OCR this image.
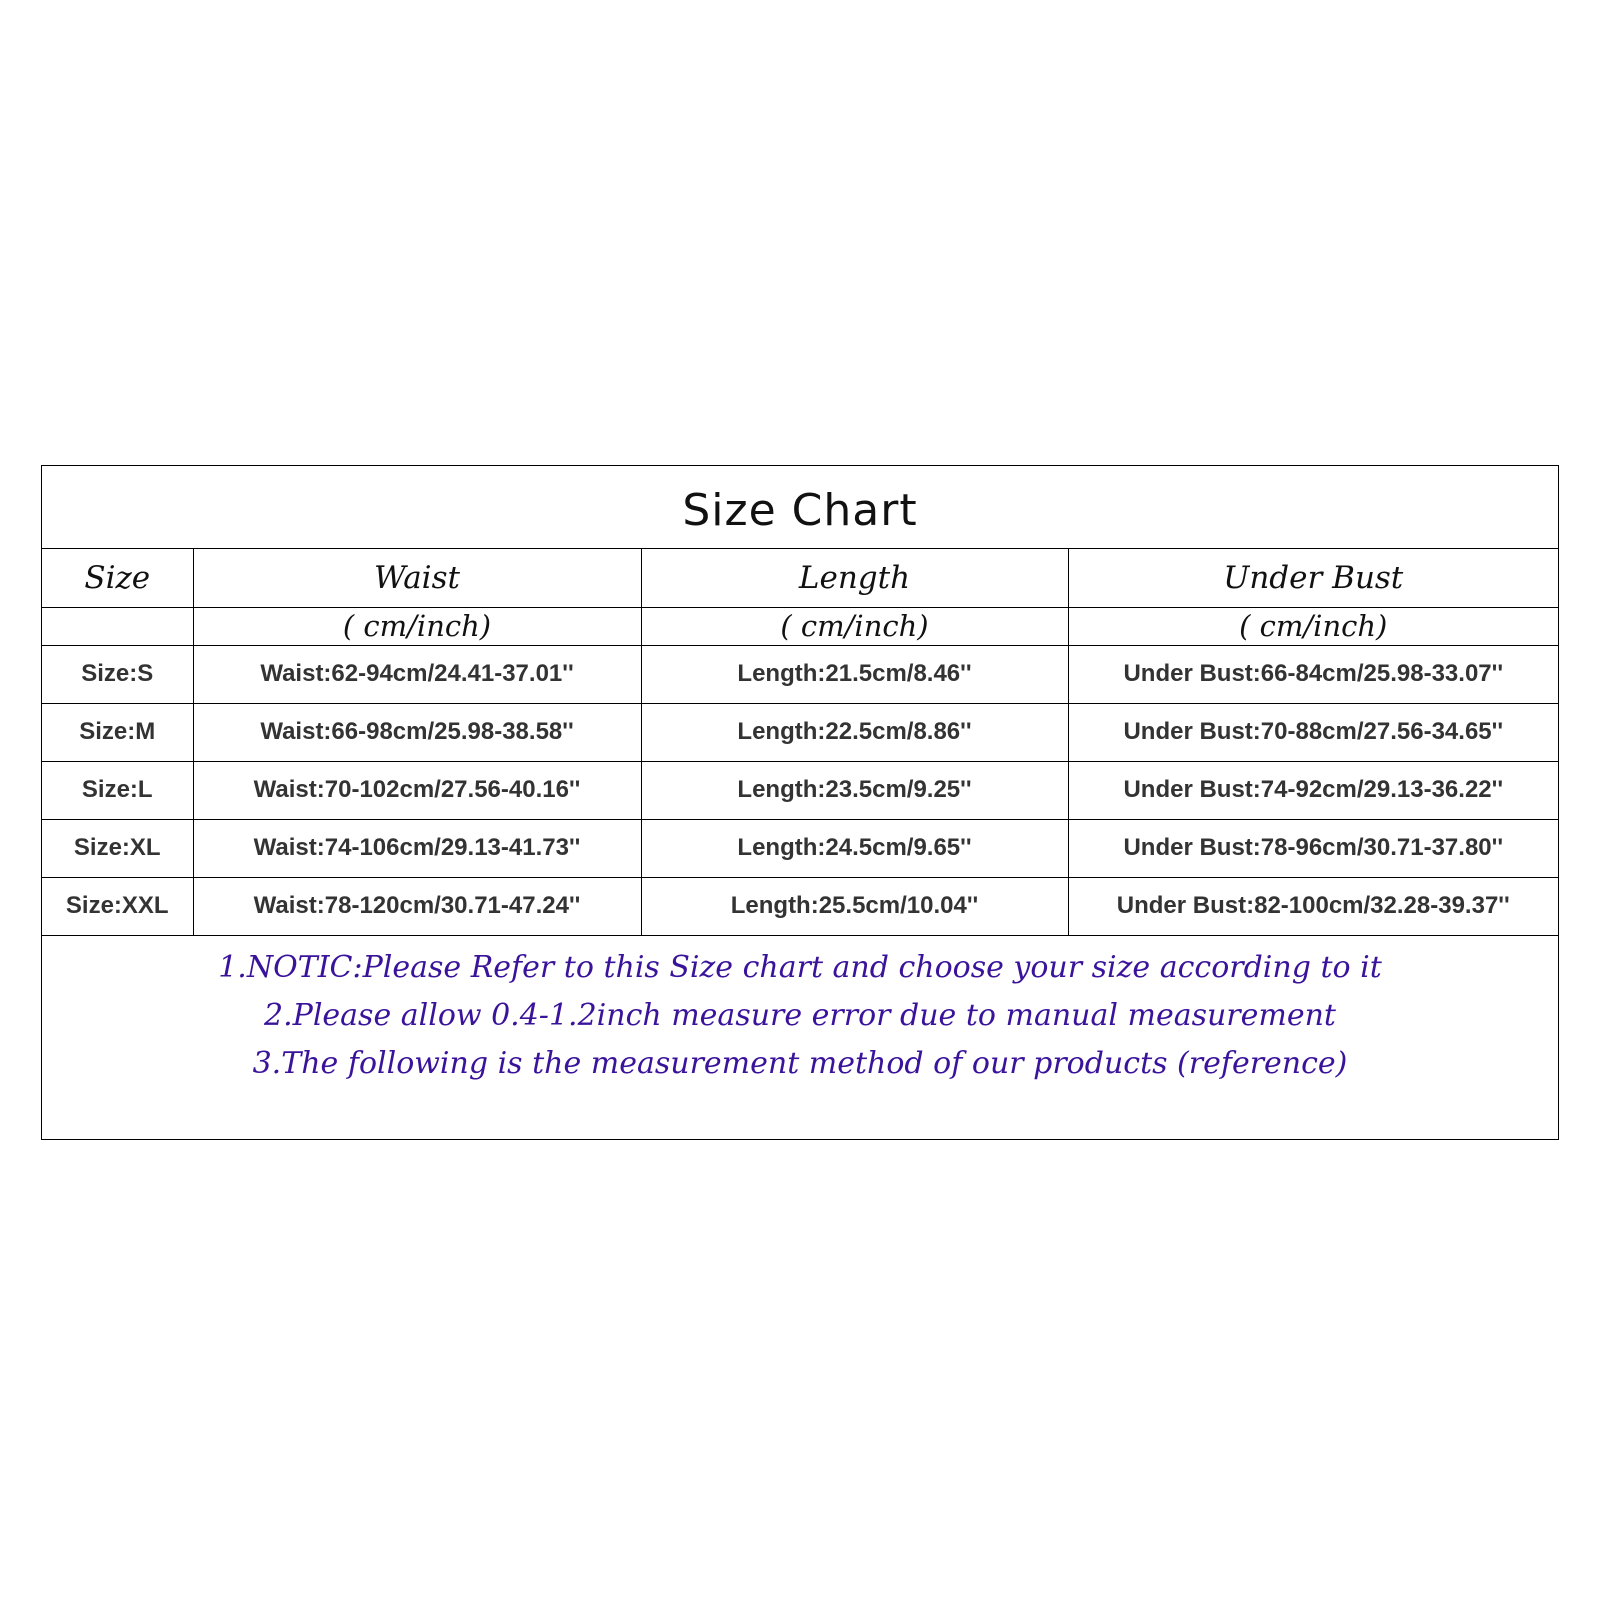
Size Chart
Size	Waist	Length	Under Bust
	( cm/inch)	( cm/inch)	( cm/inch)
Size:S	Waist:62-94cm/24.41-37.01''	Length:21.5cm/8.46''	Under Bust:66-84cm/25.98-33.07''
Size:M	Waist:66-98cm/25.98-38.58''	Length:22.5cm/8.86''	Under Bust:70-88cm/27.56-34.65''
Size:L	Waist:70-102cm/27.56-40.16''	Length:23.5cm/9.25''	Under Bust:74-92cm/29.13-36.22''
Size:XL	Waist:74-106cm/29.13-41.73''	Length:24.5cm/9.65''	Under Bust:78-96cm/30.71-37.80''
Size:XXL	Waist:78-120cm/30.71-47.24''	Length:25.5cm/10.04''	Under Bust:82-100cm/32.28-39.37''
1.NOTIC:Please Refer to this Size chart and choose your size according to it
2.Please allow 0.4-1.2inch measure error due to manual measurement
3.The following is the measurement method of our products (reference)
